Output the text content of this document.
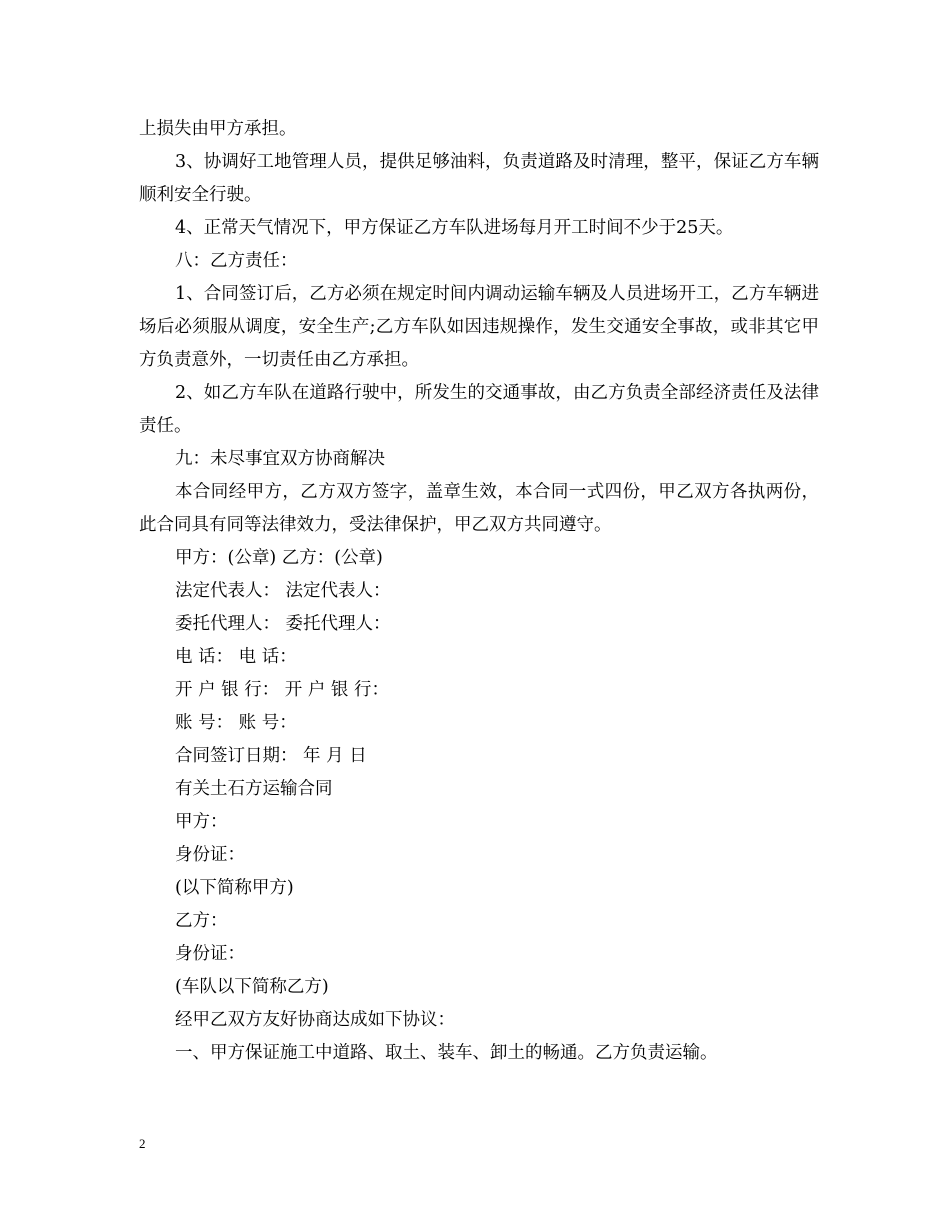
上损失由甲方承担。

3、协调好工地管理人员，提供足够油料，负责道路及时清理，整平，保证乙方车辆顺利安全行驶。

4、正常天气情况下，甲方保证乙方车队进场每月开工时间不少于25天。

八：乙方责任：

1、合同签订后，乙方必须在规定时间内调动运输车辆及人员进场开工，乙方车辆进场后必须服从调度，安全生产;乙方车队如因违规操作，发生交通安全事故，或非其它甲方负责意外，一切责任由乙方承担。

2、如乙方车队在道路行驶中，所发生的交通事故，由乙方负责全部经济责任及法律责任。

九：未尽事宜双方协商解决

本合同经甲方，乙方双方签字，盖章生效，本合同一式四份，甲乙双方各执两份，此合同具有同等法律效力，受法律保护，甲乙双方共同遵守。

甲方：(公章) 乙方：(公章)

法定代表人： 法定代表人：

委托代理人： 委托代理人：

电 话： 电 话：

开 户 银 行： 开 户 银 行：

账 号： 账 号：

合同签订日期： 年 月 日

有关土石方运输合同

甲方：

身份证：

(以下简称甲方)

乙方：

身份证：

(车队以下简称乙方)

经甲乙双方友好协商达成如下协议：

一、甲方保证施工中道路、取土、装车、卸土的畅通。乙方负责运输。

2
